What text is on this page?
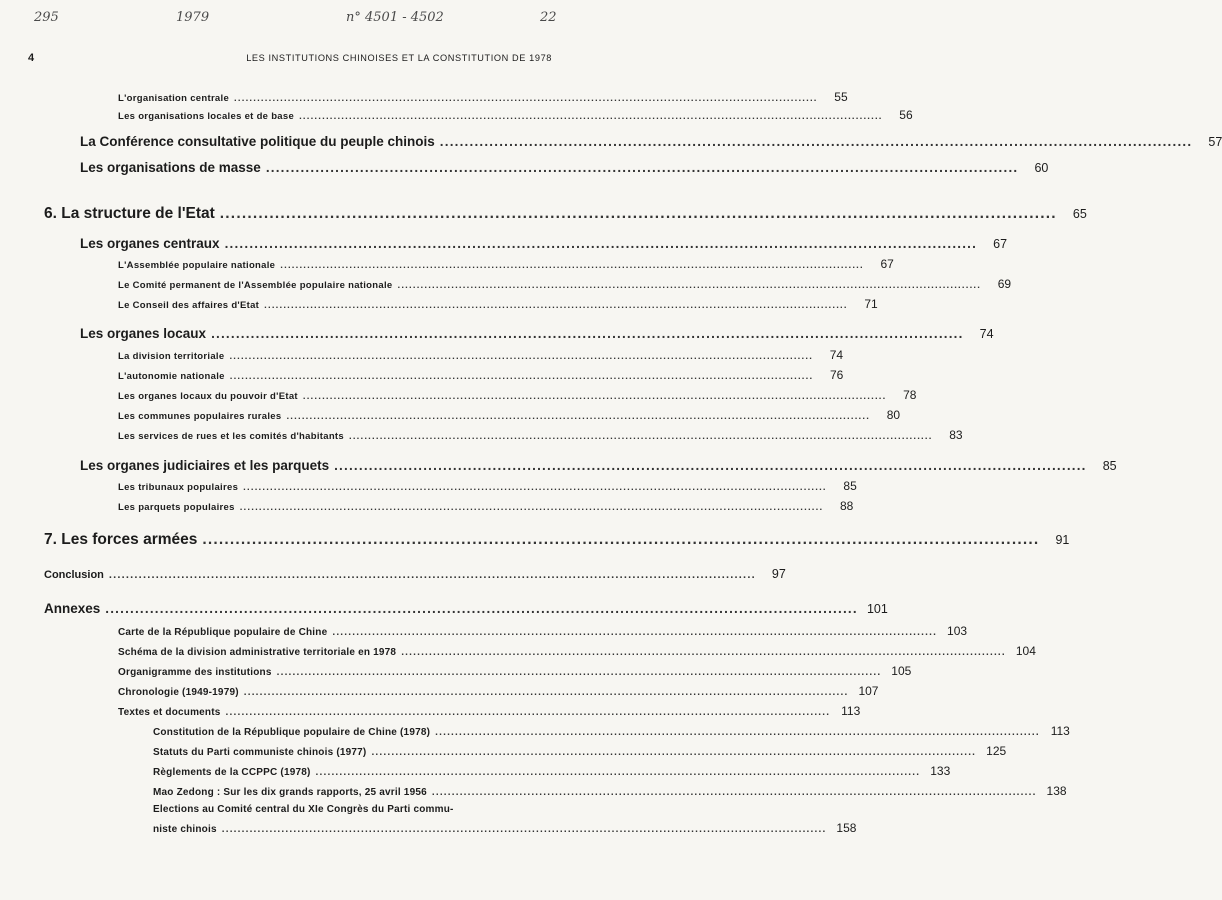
295	1979	n° 4501 - 4502	22
4	LES INSTITUTIONS CHINOISES ET LA CONSTITUTION DE 1978
L'organisation centrale ........................................................................................................................................................	55
Les organisations locales et de base ........................................................................................................................................................	56
La Conférence consultative politique du peuple chinois ........................................................................................................................................................	57
Les organisations de masse ........................................................................................................................................................	60
6. La structure de l'Etat ........................................................................................................................................................	65
Les organes centraux ........................................................................................................................................................	67
L'Assemblée populaire nationale ........................................................................................................................................................	67
Le Comité permanent de l'Assemblée populaire nationale ........................................................................................................................................................	69
Le Conseil des affaires d'Etat ........................................................................................................................................................	71
Les organes locaux ........................................................................................................................................................	74
La division territoriale ........................................................................................................................................................	74
L'autonomie nationale ........................................................................................................................................................	76
Les organes locaux du pouvoir d'Etat ........................................................................................................................................................	78
Les communes populaires rurales ........................................................................................................................................................	80
Les services de rues et les comités d'habitants ........................................................................................................................................................	83
Les organes judiciaires et les parquets ........................................................................................................................................................	85
Les tribunaux populaires ........................................................................................................................................................	85
Les parquets populaires ........................................................................................................................................................	88
7. Les forces armées ........................................................................................................................................................	91
Conclusion ........................................................................................................................................................	97
Annexes ........................................................................................................................................................ 101
Carte de la République populaire de Chine ........................................................................................................................................................ 103
Schéma de la division administrative territoriale en 1978 ........................................................................................................................................................ 104
Organigramme des institutions ........................................................................................................................................................ 105
Chronologie (1949-1979) ........................................................................................................................................................ 107
Textes et documents ........................................................................................................................................................ 113
Constitution de la République populaire de Chine (1978) ........................................................................................................................................................ 113
Statuts du Parti communiste chinois (1977) ........................................................................................................................................................ 125
Règlements de la CCPPC (1978) ........................................................................................................................................................ 133
Mao Zedong : Sur les dix grands rapports, 25 avril 1956 ........................................................................................................................................................ 138
Elections au Comité central du XIe Congrès du Parti commu-
niste chinois ........................................................................................................................................................ 158
